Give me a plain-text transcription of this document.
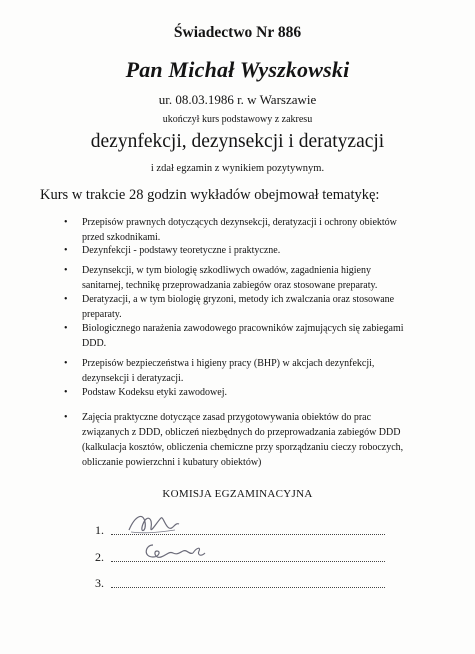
Świadectwo Nr 886
Pan Michał Wyszkowski
ur. 08.03.1986 r. w Warszawie
ukończył kurs podstawowy z zakresu
dezynfekcji, dezynsekcji i deratyzacji
i zdał egzamin z wynikiem pozytywnym.
Kurs w trakcie 28 godzin wykładów obejmował tematykę:
• Przepisów prawnych dotyczących dezynsekcji, deratyzacji i ochrony obiektów
przed szkodnikami.
• Dezynfekcji - podstawy teoretyczne i praktyczne.
• Dezynsekcji, w tym biologię szkodliwych owadów, zagadnienia higieny
sanitarnej, technikę przeprowadzania zabiegów oraz stosowane preparaty.
• Deratyzacji, a w tym biologię gryzoni, metody ich zwalczania oraz stosowane
preparaty.
• Biologicznego narażenia zawodowego pracowników zajmujących się zabiegami
DDD.
• Przepisów bezpieczeństwa i higieny pracy (BHP) w akcjach dezynfekcji,
dezynsekcji i deratyzacji.
• Podstaw Kodeksu etyki zawodowej.
• Zajęcia praktyczne dotyczące zasad przygotowywania obiektów do prac
związanych z DDD, obliczeń niezbędnych do przeprowadzania zabiegów DDD
(kalkulacja kosztów, obliczenia chemiczne przy sporządzaniu cieczy roboczych,
obliczanie powierzchni i kubatury obiektów)
KOMISJA EGZAMINACYJNA
1.
2.
3.
